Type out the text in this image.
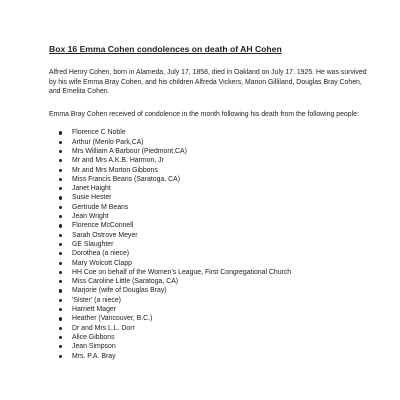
Box 16 Emma Cohen condolences on death of AH Cohen

Alfred Henry Cohen, born in Alameda, July 17, 1858, died in Oakland on July 17. 1925. He was survived by his wife Emma Bray Cohen, and his children Alfreda Vickers, Marion Gilliland, Douglas Bray Cohen, and Emelita Cohen.

Emma Bray Cohen received of condolence in the month following his death from the following people:

Florence C Noble
Arthur (Menlo Park,CA)
Mrs William A Barbour (Piedmont,CA)
Mr and Mrs A.K.B. Harmon, Jr
Mr and Mrs Morton Gibbons
Miss Francis Beans (Saratoga, CA)
Janet Haight
Susie Hester
Gertrude M Beans
Jean Wright
Florence McConnell
Sarah Ostrove Meyer
GE Slaughter
Dorothea (a niece)
Mary Wolcott Clapp
HH Coe on behalf of the Women's League, First Congregational Church
Miss Caroline Little (Saratoga, CA)
Marjorie (wife of Douglas Bray)
'Sister' (a niece)
Harriett Mager
Heather (Vancouver, B.C.)
Dr and Mrs L.L. Dorr
Alice Gibbons
Jean Simpson
Mrs. P.A. Bray
